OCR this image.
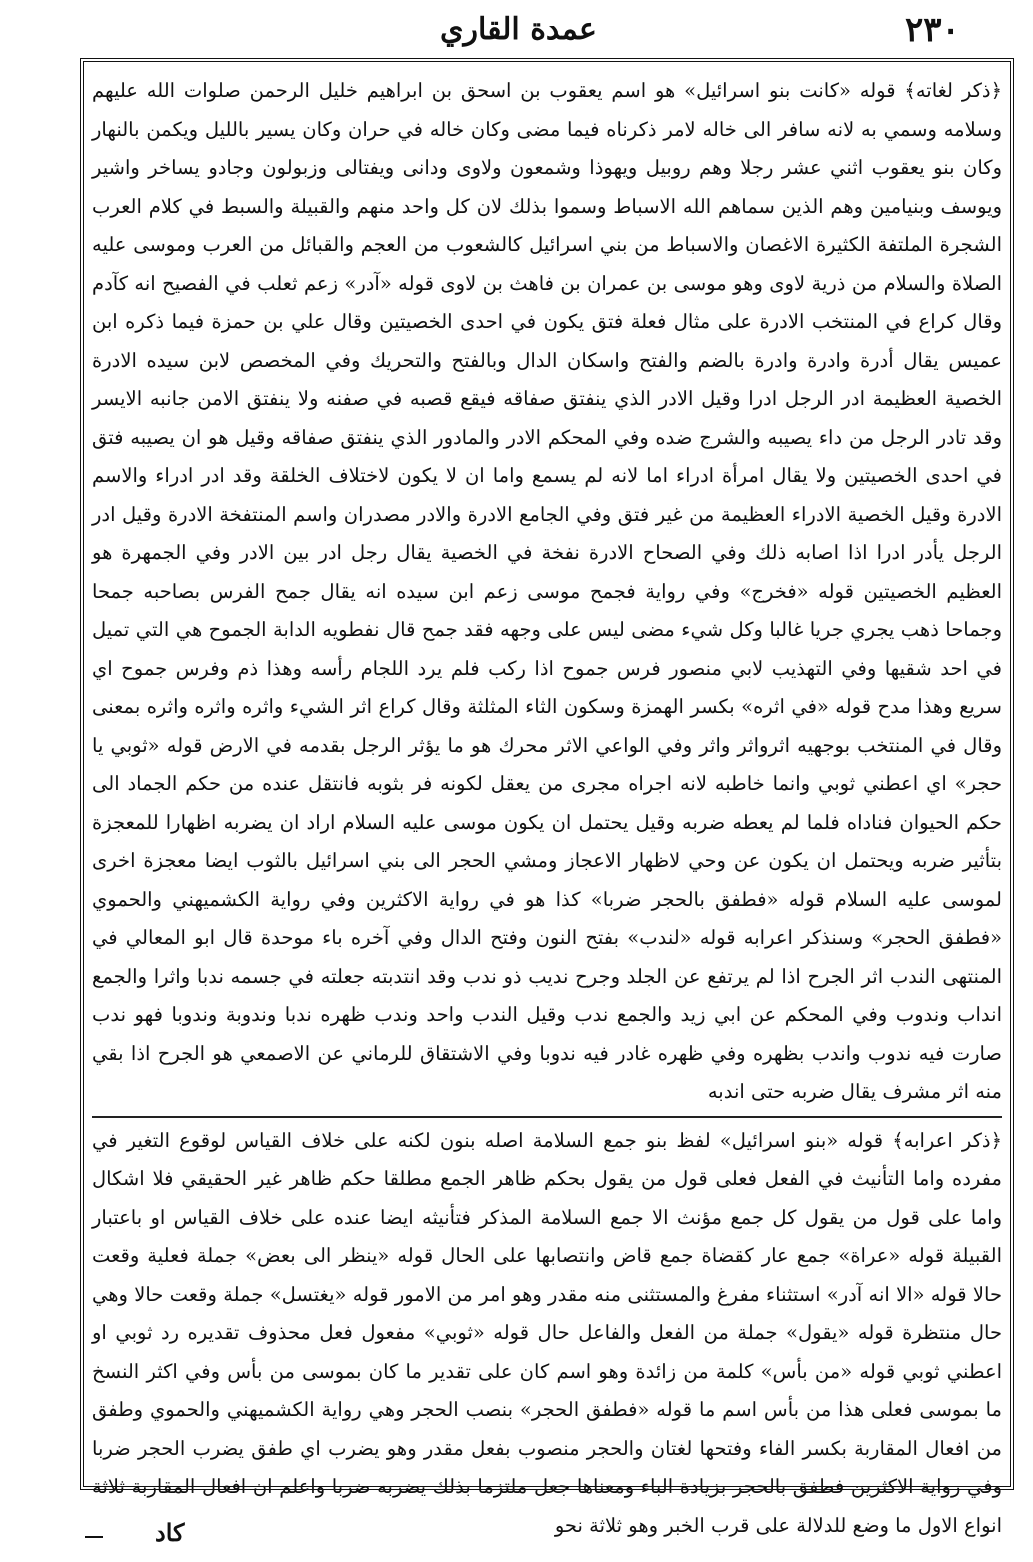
٢٣٠
عمدة القاري

﴿ذكر لغاته﴾ قوله «كانت بنو اسرائيل» هو اسم يعقوب بن اسحق بن ابراهيم خليل الرحمن صلوات الله عليهم وسلامه وسمي به لانه سافر الى خاله لامر ذكرناه فيما مضى وكان خاله في حران وكان يسير بالليل ويكمن بالنهار وكان بنو يعقوب اثني عشر رجلا وهم روبيل ويهوذا وشمعون ولاوى ودانى ويفتالى وزبولون وجادو يساخر واشير ويوسف وبنيامين وهم الذين سماهم الله الاسباط وسموا بذلك لان كل واحد منهم والقبيلة والسبط في كلام العرب الشجرة الملتفة الكثيرة الاغصان والاسباط من بني اسرائيل كالشعوب من العجم والقبائل من العرب وموسى عليه الصلاة والسلام من ذرية لاوى وهو موسى بن عمران بن فاهث بن لاوى قوله «آدر» زعم ثعلب في الفصيح انه كآدم وقال كراع في المنتخب الادرة على مثال فعلة فتق يكون في احدى الخصيتين وقال علي بن حمزة فيما ذكره ابن عميس يقال أدرة وادرة وادرة بالضم والفتح واسكان الدال وبالفتح والتحريك وفي المخصص لابن سيده الادرة الخصية العظيمة ادر الرجل ادرا وقيل الادر الذي ينفتق صفاقه فيقع قصبه في صفنه ولا ينفتق الامن جانبه الايسر وقد تادر الرجل من داء يصيبه والشرج ضده وفي المحكم الادر والمادور الذي ينفتق صفاقه وقيل هو ان يصيبه فتق في احدى الخصيتين ولا يقال امرأة ادراء اما لانه لم يسمع واما ان لا يكون لاختلاف الخلقة وقد ادر ادراء والاسم الادرة وقيل الخصية الادراء العظيمة من غير فتق وفي الجامع الادرة والادر مصدران واسم المنتفخة الادرة وقيل ادر الرجل يأدر ادرا اذا اصابه ذلك وفي الصحاح الادرة نفخة في الخصية يقال رجل ادر بين الادر وفي الجمهرة هو العظيم الخصيتين قوله «فخرج» وفي رواية فجمح موسى زعم ابن سيده انه يقال جمح الفرس بصاحبه جمحا وجماحا ذهب يجري جريا غالبا وكل شيء مضى ليس على وجهه فقد جمح قال نفطويه الدابة الجموح هي التي تميل في احد شقيها وفي التهذيب لابي منصور فرس جموح اذا ركب فلم يرد اللجام رأسه وهذا ذم وفرس جموح اي سريع وهذا مدح قوله «في اثره» بكسر الهمزة وسكون الثاء المثلثة وقال كراع اثر الشيء واثره واثره واثره بمعنى وقال في المنتخب بوجهيه اثرواثر واثر وفي الواعي الاثر محرك هو ما يؤثر الرجل بقدمه في الارض قوله «ثوبي يا حجر» اي اعطني ثوبي وانما خاطبه لانه اجراه مجرى من يعقل لكونه فر بثوبه فانتقل عنده من حكم الجماد الى حكم الحيوان فناداه فلما لم يعطه ضربه وقيل يحتمل ان يكون موسى عليه السلام اراد ان يضربه اظهارا للمعجزة بتأثير ضربه ويحتمل ان يكون عن وحي لاظهار الاعجاز ومشي الحجر الى بني اسرائيل بالثوب ايضا معجزة اخرى لموسى عليه السلام قوله «فطفق بالحجر ضربا» كذا هو في رواية الاكثرين وفي رواية الكشميهني والحموي «فطفق الحجر» وسنذكر اعرابه قوله «لندب» بفتح النون وفتح الدال وفي آخره باء موحدة قال ابو المعالي في المنتهى الندب اثر الجرح اذا لم يرتفع عن الجلد وجرح نديب ذو ندب وقد انتدبته جعلته في جسمه ندبا واثرا والجمع انداب وندوب وفي المحكم عن ابي زيد والجمع ندب وقيل الندب واحد وندب ظهره ندبا وندوبة وندوبا فهو ندب صارت فيه ندوب واندب بظهره وفي ظهره غادر فيه ندوبا وفي الاشتقاق للرماني عن الاصمعي هو الجرح اذا بقي منه اثر مشرف يقال ضربه حتى اندبه

﴿ذكر اعرابه﴾ قوله «بنو اسرائيل» لفظ بنو جمع السلامة اصله بنون لكنه على خلاف القياس لوقوع التغير في مفرده واما التأنيث في الفعل فعلى قول من يقول بحكم ظاهر الجمع مطلقا حكم ظاهر غير الحقيقي فلا اشكال واما على قول من يقول كل جمع مؤنث الا جمع السلامة المذكر فتأنيثه ايضا عنده على خلاف القياس او باعتبار القبيلة قوله «عراة» جمع عار كقضاة جمع قاض وانتصابها على الحال قوله «ينظر الى بعض» جملة فعلية وقعت حالا قوله «الا انه آدر» استثناء مفرغ والمستثنى منه مقدر وهو امر من الامور قوله «يغتسل» جملة وقعت حالا وهي حال منتظرة قوله «يقول» جملة من الفعل والفاعل حال قوله «ثوبي» مفعول فعل محذوف تقديره رد ثوبي او اعطني ثوبي قوله «من بأس» كلمة من زائدة وهو اسم كان على تقدير ما كان بموسى من بأس وفي اكثر النسخ ما بموسى فعلى هذا من بأس اسم ما قوله «فطفق الحجر» بنصب الحجر وهي رواية الكشميهني والحموي وطفق من افعال المقاربة بكسر الفاء وفتحها لغتان والحجر منصوب بفعل مقدر وهو يضرب اي طفق يضرب الحجر ضربا وفي رواية الاكثرين فطفق بالحجر بزيادة الباء ومعناها جعل ملتزما بذلك يضربه ضربا واعلم ان افعال المقاربة ثلاثة انواع الاول ما وضع للدلالة على قرب الخبر وهو ثلاثة نحو

كاد
